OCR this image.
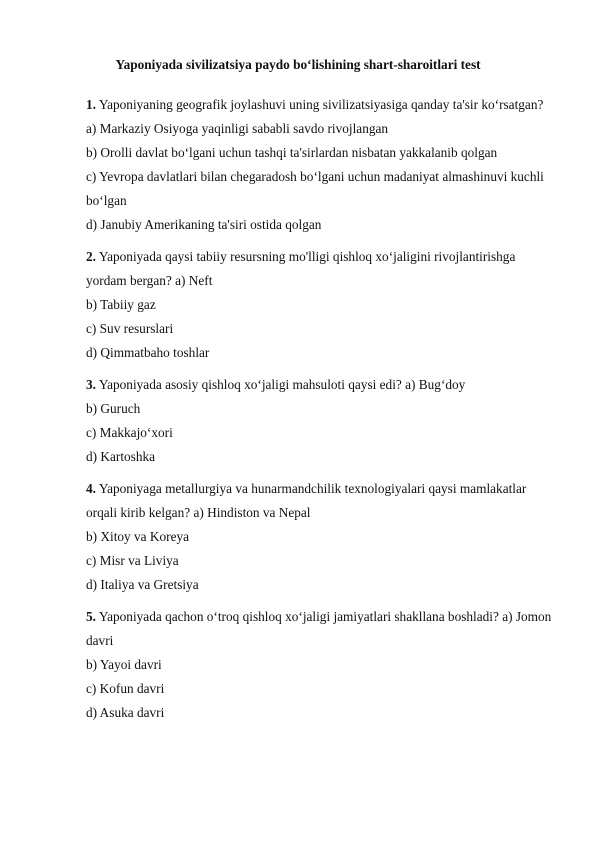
Yaponiyada sivilizatsiya paydo bo‘lishining shart-sharoitlari test

1. Yaponiyaning geografik joylashuvi uning sivilizatsiyasiga qanday ta'sir ko‘rsatgan? a) Markaziy Osiyoga yaqinligi sababli savdo rivojlangan

b) Orolli davlat bo‘lgani uchun tashqi ta'sirlardan nisbatan yakkalanib qolgan

c) Yevropa davlatlari bilan chegaradosh bo‘lgani uchun madaniyat almashinuvi kuchli bo‘lgan

d) Janubiy Amerikaning ta'siri ostida qolgan

2. Yaponiyada qaysi tabiiy resursning mo'lligi qishloq xo‘jaligini rivojlantirishga yordam bergan? a) Neft

b) Tabiiy gaz

c) Suv resurslari

d) Qimmatbaho toshlar

3. Yaponiyada asosiy qishloq xo‘jaligi mahsuloti qaysi edi? a) Bug‘doy

b) Guruch

c) Makkajo‘xori

d) Kartoshka

4. Yaponiyaga metallurgiya va hunarmandchilik texnologiyalari qaysi mamlakatlar orqali kirib kelgan? a) Hindiston va Nepal

b) Xitoy va Koreya

c) Misr va Liviya

d) Italiya va Gretsiya

5. Yaponiyada qachon o‘troq qishloq xo‘jaligi jamiyatlari shakllana boshladi? a) Jomon davri

b) Yayoi davri

c) Kofun davri

d) Asuka davri
